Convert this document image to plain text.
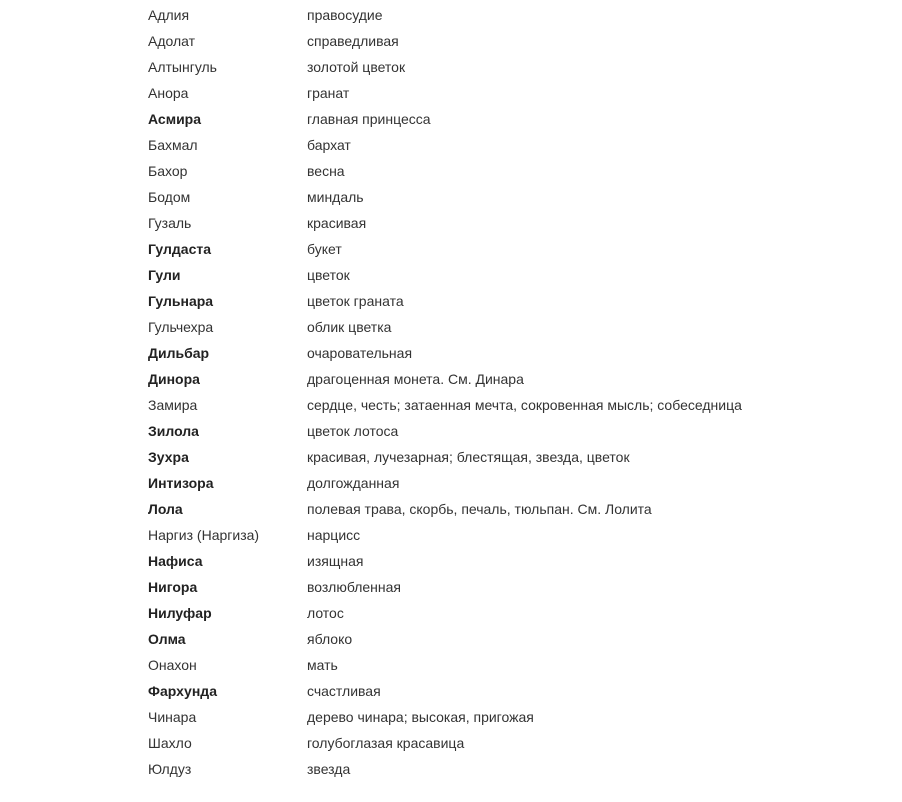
Адлия	правосудие
Адолат	справедливая
Алтынгуль	золотой цветок
Анора	гранат
Асмира	главная принцесса
Бахмал	бархат
Бахор	весна
Бодом	миндаль
Гузаль	красивая
Гулдаста	букет
Гули	цветок
Гульнара	цветок граната
Гульчехра	облик цветка
Дильбар	очаровательная
Динора	драгоценная монета. См. Динара
Замира	сердце, честь; затаенная мечта, сокровенная мысль; собеседница
Зилола	цветок лотоса
Зухра	красивая, лучезарная; блестящая, звезда, цветок
Интизора	долгожданная
Лола	полевая трава, скорбь, печаль, тюльпан. См. Лолита
Наргиз (Наргиза)	нарцисс
Нафиса	изящная
Нигора	возлюбленная
Нилуфар	лотос
Олма	яблоко
Онахон	мать
Фархунда	счастливая
Чинара	дерево чинара; высокая, пригожая
Шахло	голубоглазая красавица
Юлдуз	звезда
